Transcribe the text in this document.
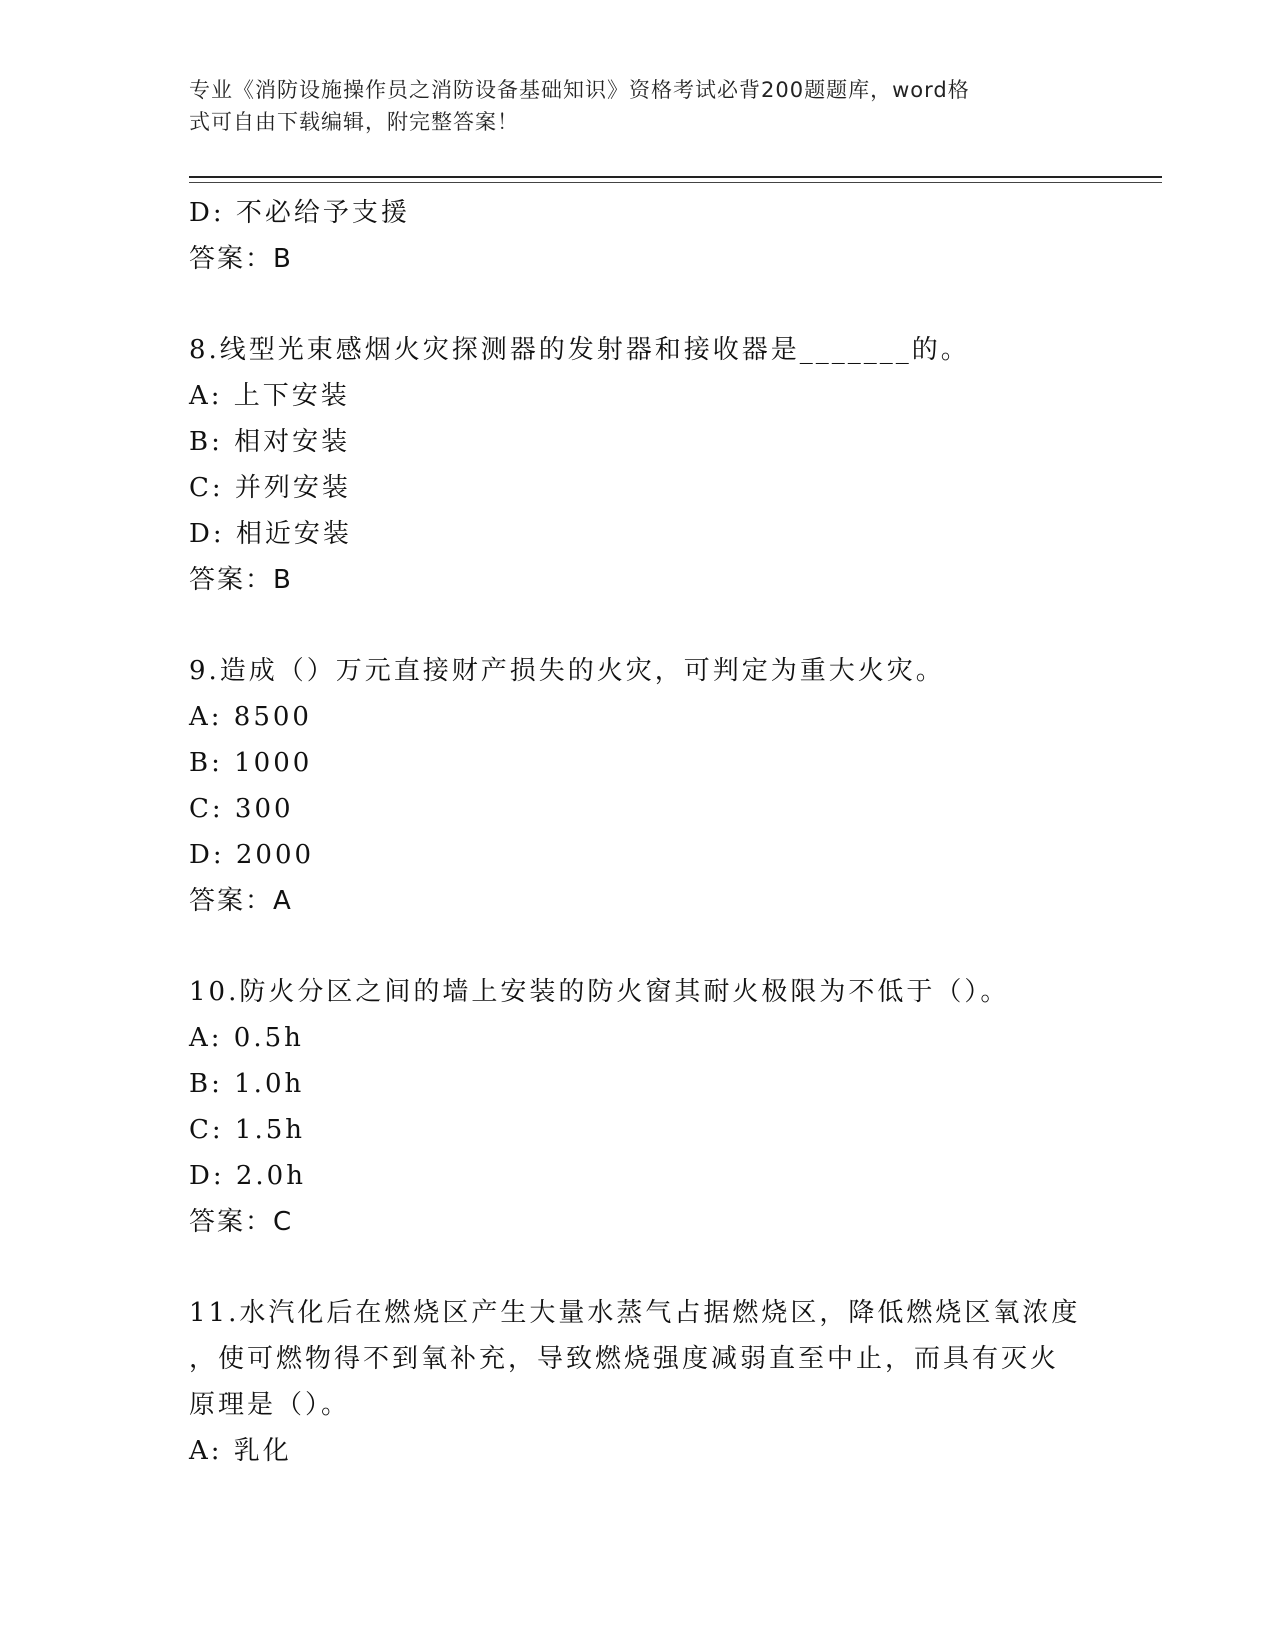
专业《消防设施操作员之消防设备基础知识》资格考试必背200题题库，word格
式可自由下载编辑，附完整答案！
D: 不必给予支援
答案：B
8.线型光束感烟火灾探测器的发射器和接收器是_______的。
A: 上下安装
B: 相对安装
C: 并列安装
D: 相近安装
答案：B
9.造成（）万元直接财产损失的火灾，可判定为重大火灾。
A: 8500
B: 1000
C: 300
D: 2000
答案：A
10.防火分区之间的墙上安装的防火窗其耐火极限为不低于（）。
A: 0.5h
B: 1.0h
C: 1.5h
D: 2.0h
答案：C
11.水汽化后在燃烧区产生大量水蒸气占据燃烧区，降低燃烧区氧浓度
，使可燃物得不到氧补充，导致燃烧强度减弱直至中止，而具有灭火
原理是（）。
A: 乳化
